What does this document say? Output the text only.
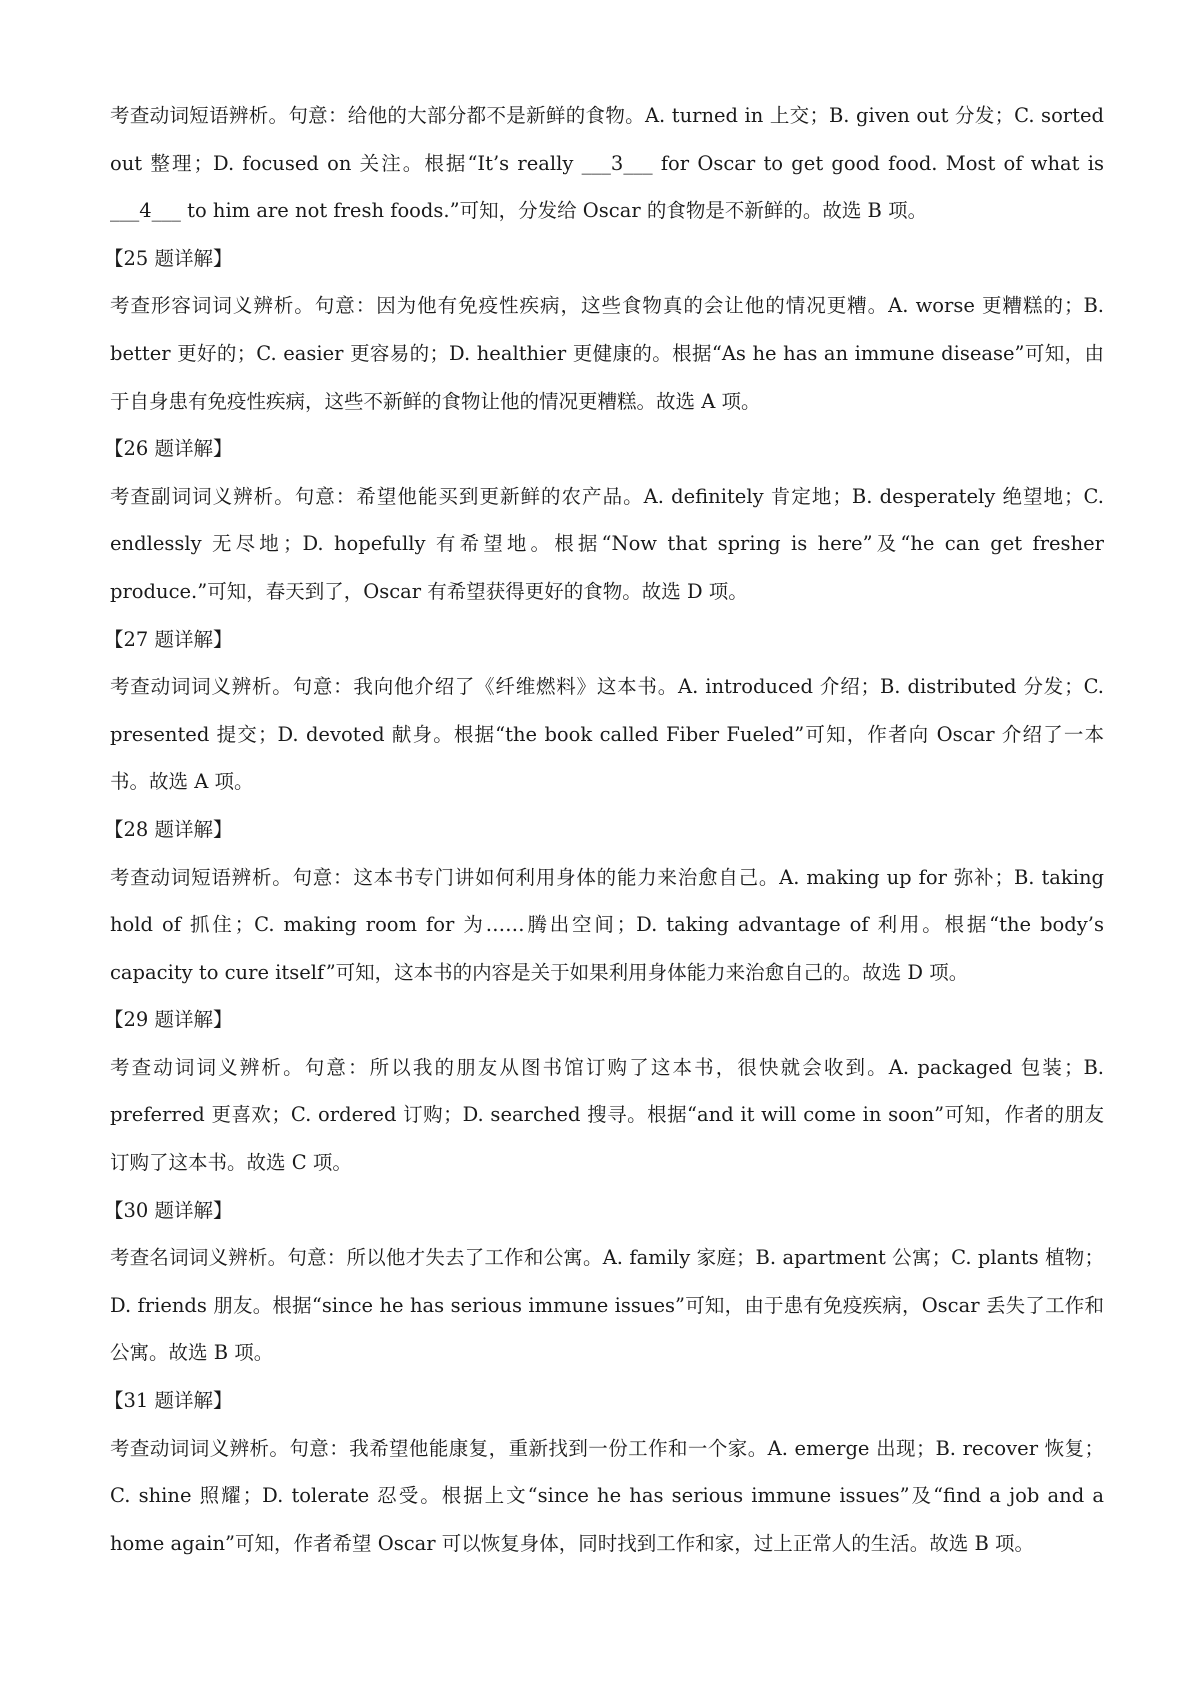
考查动词短语辨析。句意：给他的大部分都不是新鲜的食物。A. turned in 上交；B. given out 分发；C. sorted out 整理；D. focused on 关注。根据“It’s really ___3___ for Oscar to get good food. Most of what is ___4___ to him are not fresh foods.”可知，分发给 Oscar 的食物是不新鲜的。故选 B 项。

【25 题详解】

考查形容词词义辨析。句意：因为他有免疫性疾病，这些食物真的会让他的情况更糟。A. worse 更糟糕的；B. better 更好的；C. easier 更容易的；D. healthier 更健康的。根据“As he has an immune disease”可知，由于自身患有免疫性疾病，这些不新鲜的食物让他的情况更糟糕。故选 A 项。

【26 题详解】

考查副词词义辨析。句意：希望他能买到更新鲜的农产品。A. definitely 肯定地；B. desperately 绝望地；C. endlessly 无尽地；D. hopefully 有希望地。根据“Now that spring is here”及“he can get fresher produce.”可知，春天到了，Oscar 有希望获得更好的食物。故选 D 项。

【27 题详解】

考查动词词义辨析。句意：我向他介绍了《纤维燃料》这本书。A. introduced 介绍；B. distributed 分发；C. presented 提交；D. devoted 献身。根据“the book called Fiber Fueled”可知，作者向 Oscar 介绍了一本书。故选 A 项。

【28 题详解】

考查动词短语辨析。句意：这本书专门讲如何利用身体的能力来治愈自己。A. making up for 弥补；B. taking hold of 抓住；C. making room for 为……腾出空间；D. taking advantage of 利用。根据“the body’s capacity to cure itself”可知，这本书的内容是关于如果利用身体能力来治愈自己的。故选 D 项。

【29 题详解】

考查动词词义辨析。句意：所以我的朋友从图书馆订购了这本书，很快就会收到。A. packaged 包装；B. preferred 更喜欢；C. ordered 订购；D. searched 搜寻。根据“and it will come in soon”可知，作者的朋友订购了这本书。故选 C 项。

【30 题详解】

考查名词词义辨析。句意：所以他才失去了工作和公寓。A. family 家庭；B. apartment 公寓；C. plants 植物；D. friends 朋友。根据“since he has serious immune issues”可知，由于患有免疫疾病，Oscar 丢失了工作和公寓。故选 B 项。

【31 题详解】

考查动词词义辨析。句意：我希望他能康复，重新找到一份工作和一个家。A. emerge 出现；B. recover 恢复；C. shine 照耀；D. tolerate 忍受。根据上文“since he has serious immune issues”及“find a job and a home again”可知，作者希望 Oscar 可以恢复身体，同时找到工作和家，过上正常人的生活。故选 B 项。
